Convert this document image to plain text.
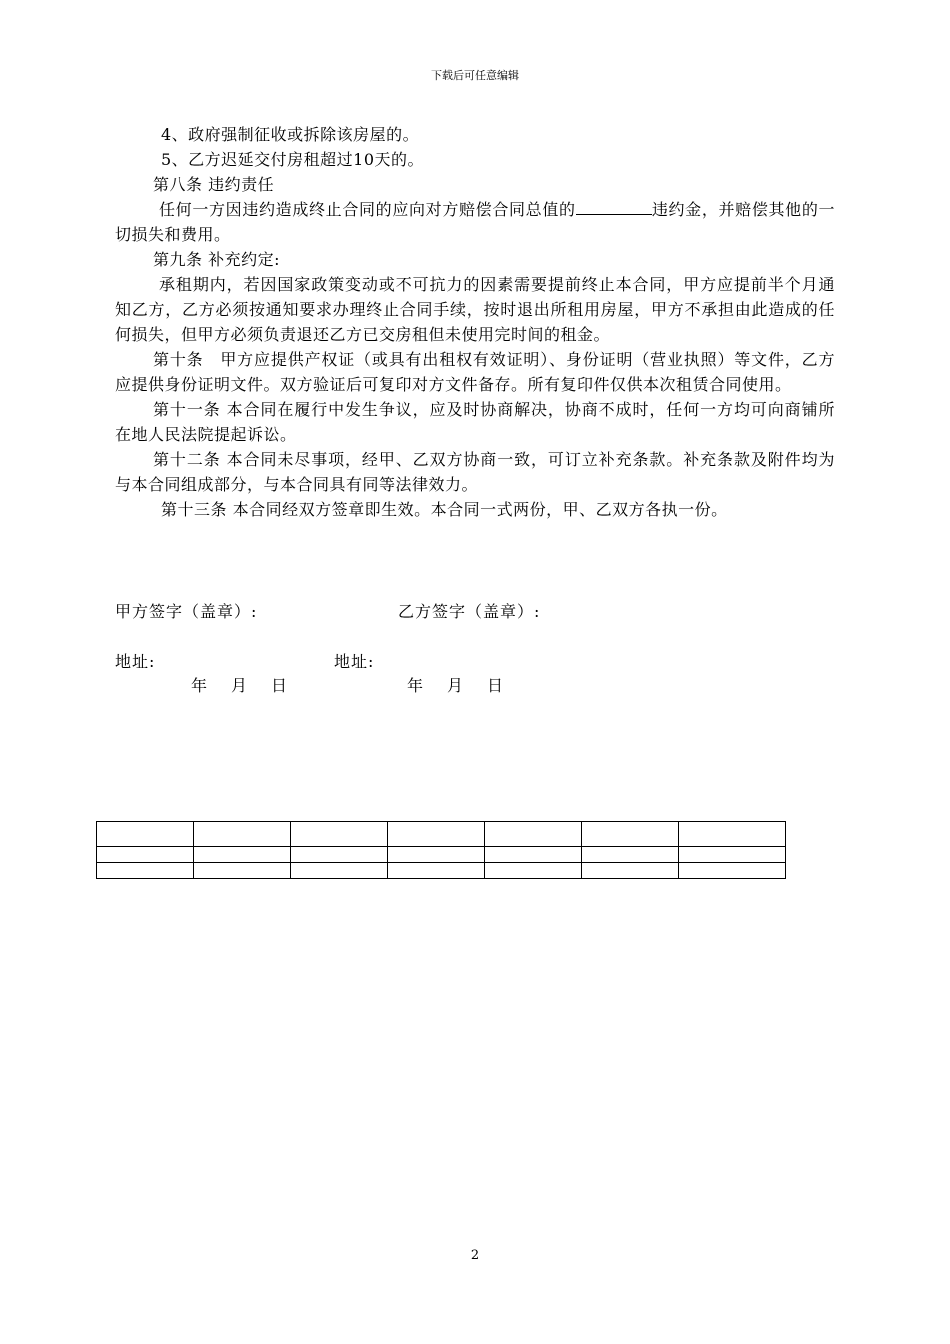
下载后可任意编辑

4、政府强制征收或拆除该房屋的。

5、乙方迟延交付房租超过10天的。

第八条 违约责任

任何一方因违约造成终止合同的应向对方赔偿合同总值的	违约金，并赔偿其他的一切损失和费用。

第九条 补充约定:

承租期内，若因国家政策变动或不可抗力的因素需要提前终止本合同，甲方应提前半个月通知乙方，乙方必须按通知要求办理终止合同手续，按时退出所租用房屋，甲方不承担由此造成的任何损失，但甲方必须负责退还乙方已交房租但未使用完时间的租金。

第十条　甲方应提供产权证（或具有出租权有效证明）、身份证明（营业执照）等文件，乙方应提供身份证明文件。双方验证后可复印对方文件备存。所有复印件仅供本次租赁合同使用。

第十一条 本合同在履行中发生争议，应及时协商解决，协商不成时，任何一方均可向商铺所在地人民法院提起诉讼。

第十二条 本合同未尽事项，经甲、乙双方协商一致，可订立补充条款。补充条款及附件均为与本合同组成部分，与本合同具有同等法律效力。

第十三条 本合同经双方签章即生效。本合同一式两份，甲、乙双方各执一份。

甲方签字（盖章）:	乙方签字（盖章）:
地址:	地址:
年　月　日	年　月　日

2
